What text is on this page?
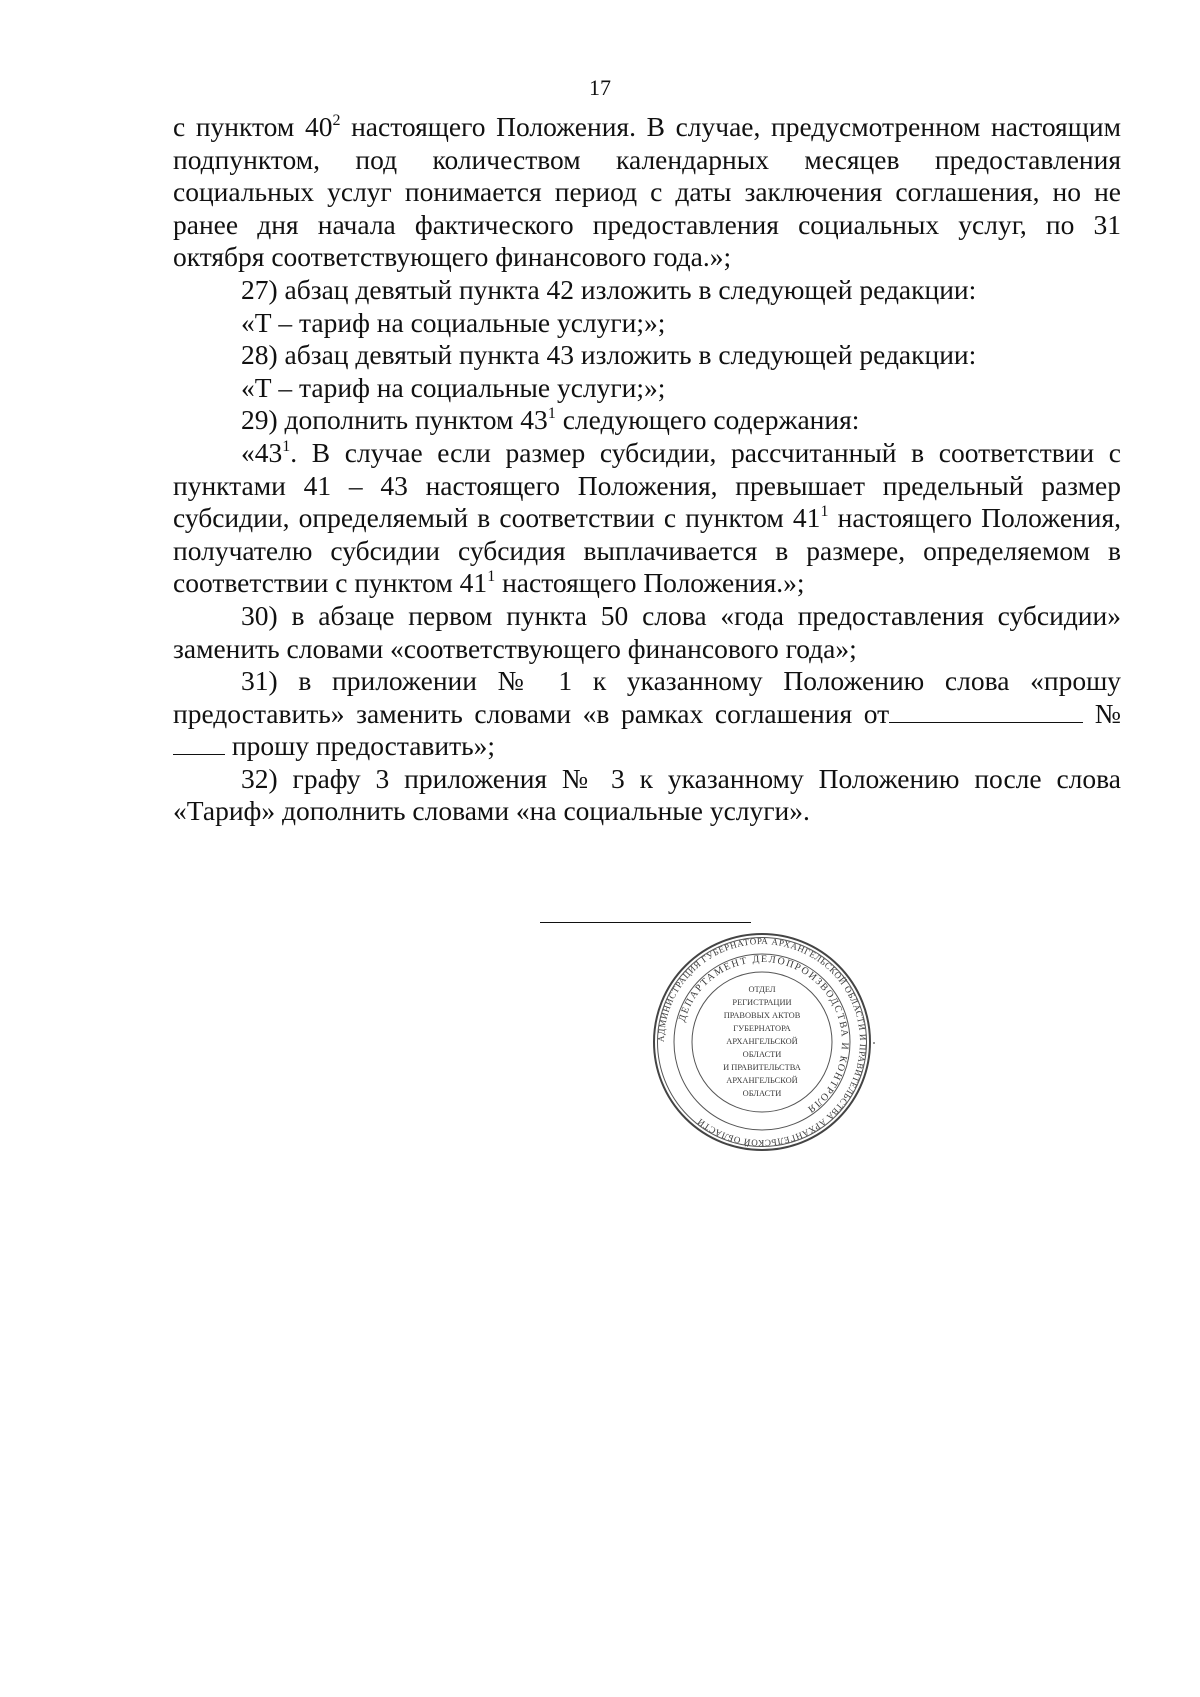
17

с пунктом $40^2$ настоящего Положения. В случае, предусмотренном настоящим подпунктом, под количеством календарных месяцев предоставления социальных услуг понимается период с даты заключения соглашения, но не ранее дня начала фактического предоставления социальных услуг, по 31 октября соответствующего финансового года.»;

27) абзац девятый пункта 42 изложить в следующей редакции:

«Т – тариф на социальные услуги;»;

28) абзац девятый пункта 43 изложить в следующей редакции:

«Т – тариф на социальные услуги;»;

29) дополнить пунктом $43^1$ следующего содержания:

«$43^1$. В случае если размер субсидии, рассчитанный в соответствии с пунктами 41 – 43 настоящего Положения, превышает предельный размер субсидии, определяемый в соответствии с пунктом $41^1$ настоящего Положения, получателю субсидии субсидия выплачивается в размере, определяемом в соответствии с пунктом $41^1$ настоящего Положения.»;

30) в абзаце первом пункта 50 слова «года предоставления субсидии» заменить словами «соответствующего финансового года»;

31) в приложении № 1 к указанному Положению слова «прошу предоставить» заменить словами «в рамках соглашения от	№ прошу предоставить»;

32) графу 3 приложения № 3 к указанному Положению после слова «Тариф» дополнить словами «на социальные услуги».

АДМИНИСТРАЦИЯ ГУБЕРНАТОРА АРХАНГЕЛЬСКОЙ ОБЛАСТИ И ПРАВИТЕЛЬСТВА АРХАНГЕЛЬСКОЙ ОБЛАСТИ
ДЕПАРТАМЕНТ ДЕЛОПРОИЗВОДСТВА И КОНТРОЛЯ
ОТДЕЛ
РЕГИСТРАЦИИ
ПРАВОВЫХ АКТОВ
ГУБЕРНАТОРА
АРХАНГЕЛЬСКОЙ
ОБЛАСТИ
И ПРАВИТЕЛЬСТВА
АРХАНГЕЛЬСКОЙ
ОБЛАСТИ
